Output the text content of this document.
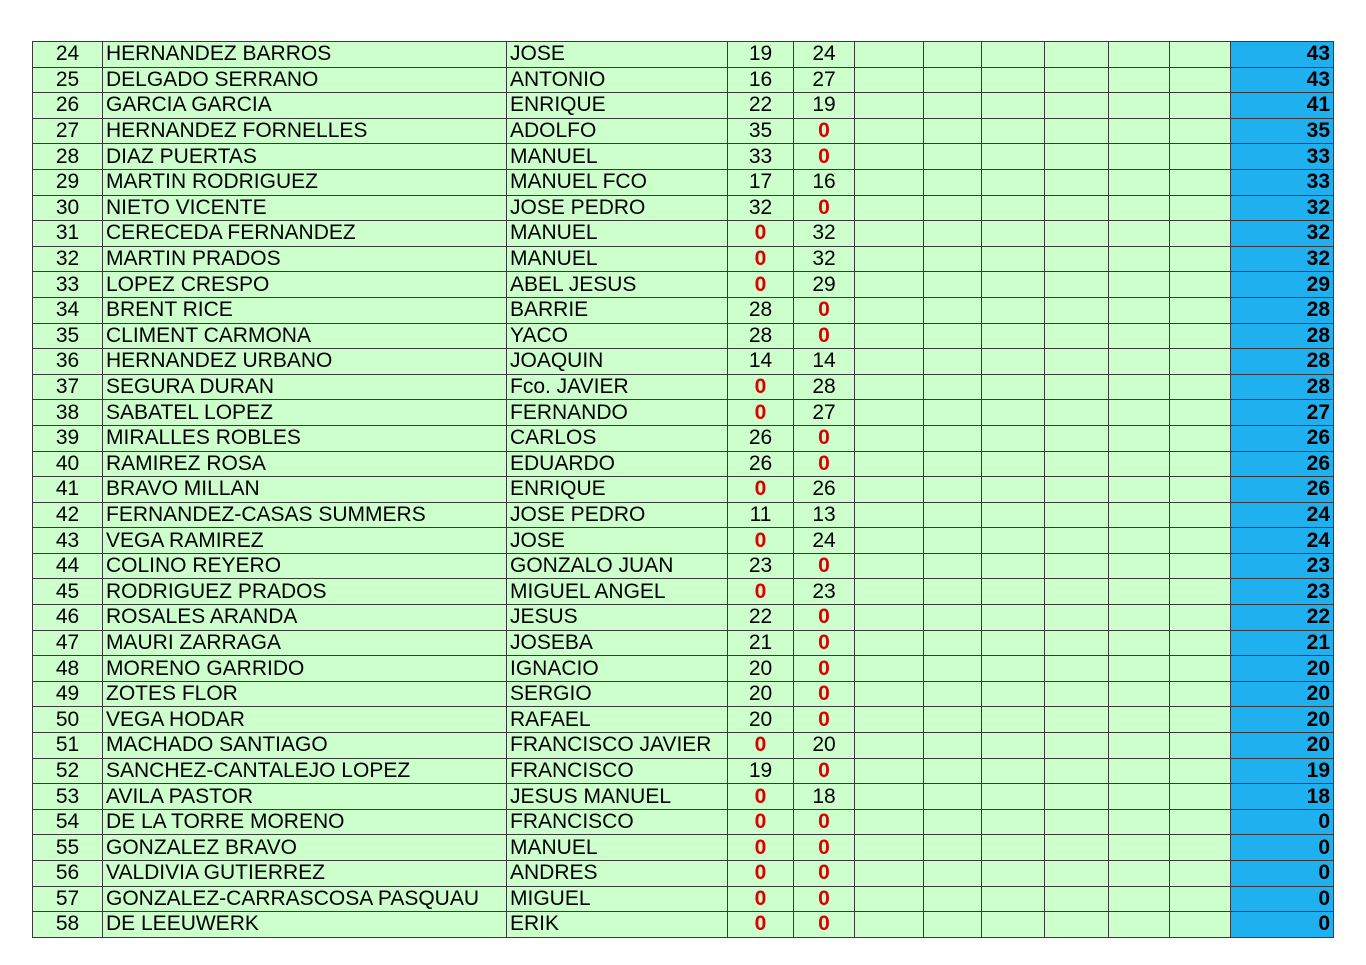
24	HERNANDEZ BARROS	JOSE	19	24							43
25	DELGADO SERRANO	ANTONIO	16	27							43
26	GARCIA GARCIA	ENRIQUE	22	19							41
27	HERNANDEZ FORNELLES	ADOLFO	35	0							35
28	DIAZ PUERTAS	MANUEL	33	0							33
29	MARTIN RODRIGUEZ	MANUEL FCO	17	16							33
30	NIETO VICENTE	JOSE PEDRO	32	0							32
31	CERECEDA FERNANDEZ	MANUEL	0	32							32
32	MARTIN PRADOS	MANUEL	0	32							32
33	LOPEZ CRESPO	ABEL JESUS	0	29							29
34	BRENT RICE	BARRIE	28	0							28
35	CLIMENT CARMONA	YACO	28	0							28
36	HERNANDEZ URBANO	JOAQUIN	14	14							28
37	SEGURA DURAN	Fco. JAVIER	0	28							28
38	SABATEL LOPEZ	FERNANDO	0	27							27
39	MIRALLES ROBLES	CARLOS	26	0							26
40	RAMIREZ ROSA	EDUARDO	26	0							26
41	BRAVO MILLAN	ENRIQUE	0	26							26
42	FERNANDEZ-CASAS SUMMERS	JOSE PEDRO	11	13							24
43	VEGA RAMIREZ	JOSE	0	24							24
44	COLINO REYERO	GONZALO JUAN	23	0							23
45	RODRIGUEZ PRADOS	MIGUEL ANGEL	0	23							23
46	ROSALES ARANDA	JESUS	22	0							22
47	MAURI ZARRAGA	JOSEBA	21	0							21
48	MORENO GARRIDO	IGNACIO	20	0							20
49	ZOTES FLOR	SERGIO	20	0							20
50	VEGA HODAR	RAFAEL	20	0							20
51	MACHADO SANTIAGO	FRANCISCO JAVIER	0	20							20
52	SANCHEZ-CANTALEJO LOPEZ	FRANCISCO	19	0							19
53	AVILA PASTOR	JESUS MANUEL	0	18							18
54	DE LA TORRE MORENO	FRANCISCO	0	0							0
55	GONZALEZ BRAVO	MANUEL	0	0							0
56	VALDIVIA GUTIERREZ	ANDRES	0	0							0
57	GONZALEZ-CARRASCOSA PASQUAU	MIGUEL	0	0							0
58	DE LEEUWERK	ERIK	0	0							0
